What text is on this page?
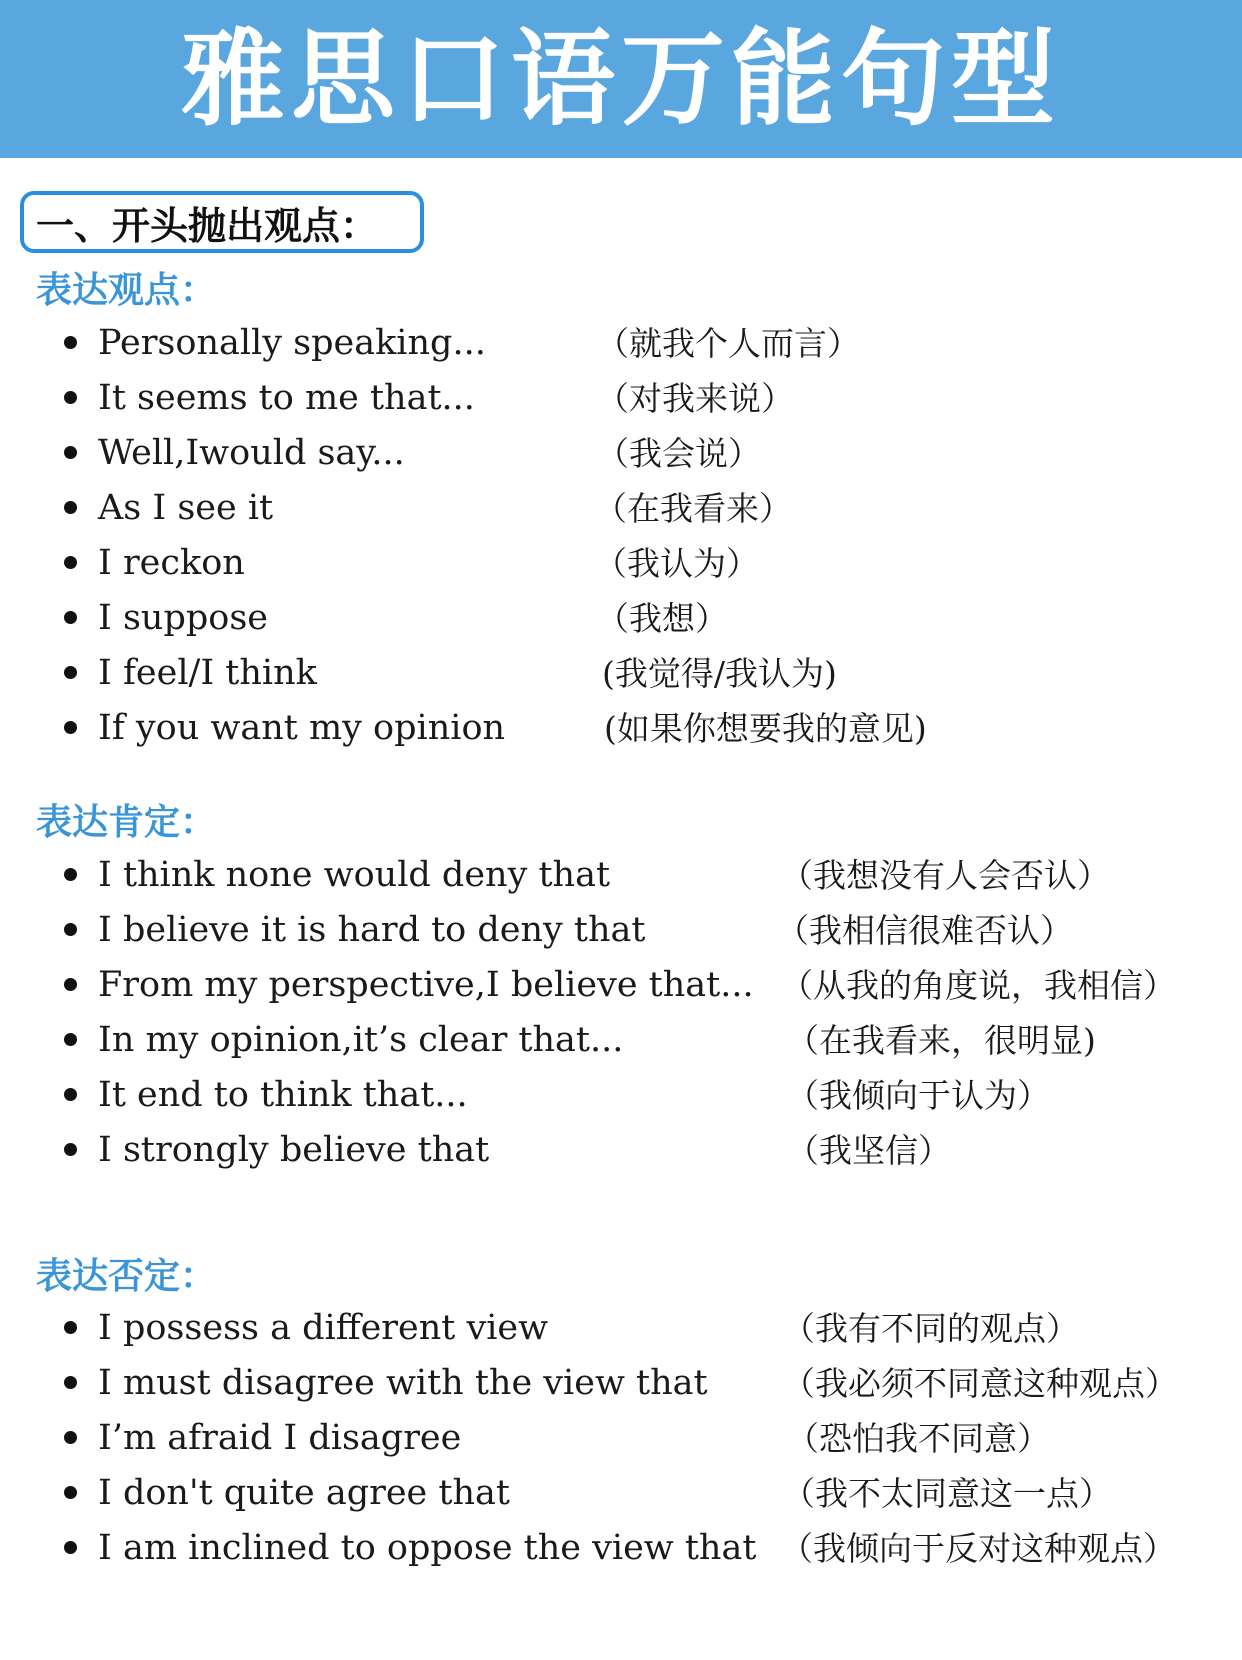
雅思口语万能句型
一、开头抛出观点：
表达观点：
Personally speaking...	（就我个人而言）
It seems to me that...	（对我来说）
Well,Iwould say...	（我会说）
As I see it	（在我看来）
I reckon	（我认为）
I suppose	（我想）
I feel/I think	(我觉得/我认为)
If you want my opinion	(如果你想要我的意见)
表达肯定：
I think none would deny that	（我想没有人会否认）
I believe it is hard to deny that	（我相信很难否认）
From my perspective,I believe that... （从我的角度说，我相信）
In my opinion,it’s clear that...	（在我看来，很明显)
It end to think that...	（我倾向于认为）
I strongly believe that	（我坚信）
表达否定：
I possess a different view	（我有不同的观点）
I must disagree with the view that （我必须不同意这种观点）
I’m afraid I disagree	（恐怕我不同意）
I don't quite agree that	（我不太同意这一点）
I am inclined to oppose the view that （我倾向于反对这种观点）
